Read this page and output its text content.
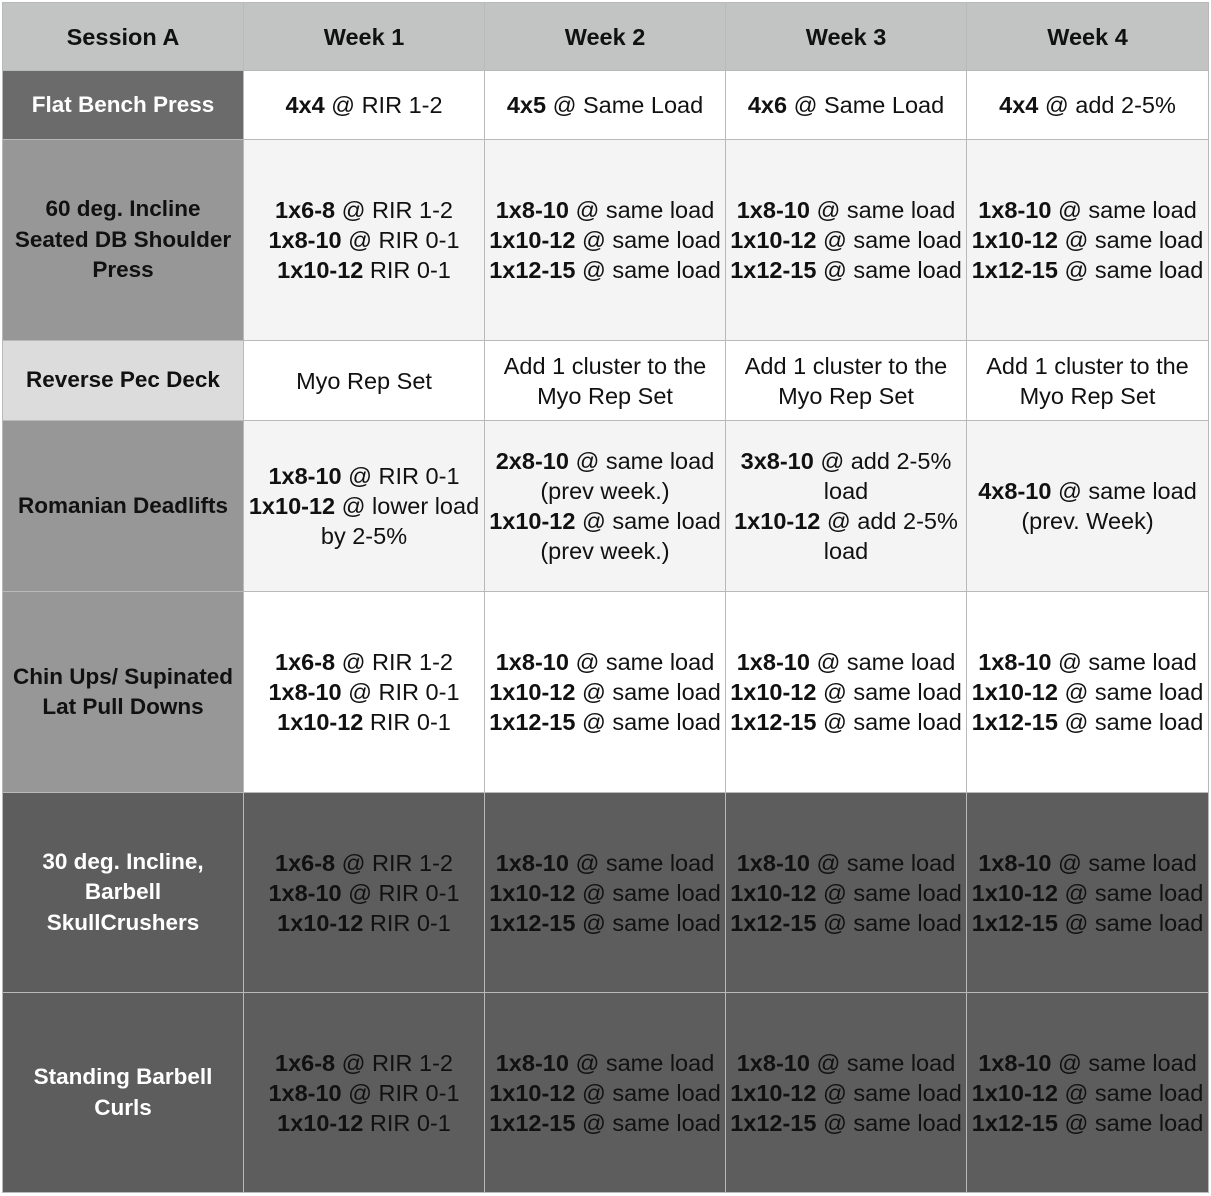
Session A	Week 1	Week 2	Week 3	Week 4
Flat Bench Press	4x4 @ RIR 1-2	4x5 @ Same Load	4x6 @ Same Load	4x4 @ add 2-5%

60 deg. Incline Seated DB Shoulder Press	1x6-8 @ RIR 1-2
1x8-10 @ RIR 0-1
1x10-12 RIR 0-1	1x8-10 @ same load
1x10-12 @ same load
1x12-15 @ same load	1x8-10 @ same load
1x10-12 @ same load
1x12-15 @ same load	1x8-10 @ same load
1x10-12 @ same load
1x12-15 @ same load

Reverse Pec Deck	Myo Rep Set	Add 1 cluster to the Myo Rep Set	Add 1 cluster to the Myo Rep Set	Add 1 cluster to the Myo Rep Set

Romanian Deadlifts	1x8-10 @ RIR 0-1
1x10-12 @ lower load by 2-5%	2x8-10 @ same load (prev week.)
1x10-12 @ same load (prev week.)	3x8-10 @ add 2-5% load
1x10-12 @ add 2-5% load	4x8-10 @ same load (prev. Week)

Chin Ups/ Supinated Lat Pull Downs	1x6-8 @ RIR 1-2
1x8-10 @ RIR 0-1
1x10-12 RIR 0-1	1x8-10 @ same load
1x10-12 @ same load
1x12-15 @ same load	1x8-10 @ same load
1x10-12 @ same load
1x12-15 @ same load	1x8-10 @ same load
1x10-12 @ same load
1x12-15 @ same load

30 deg. Incline, Barbell SkullCrushers	1x6-8 @ RIR 1-2
1x8-10 @ RIR 0-1
1x10-12 RIR 0-1	1x8-10 @ same load
1x10-12 @ same load
1x12-15 @ same load	1x8-10 @ same load
1x10-12 @ same load
1x12-15 @ same load	1x8-10 @ same load
1x10-12 @ same load
1x12-15 @ same load

Standing Barbell Curls	1x6-8 @ RIR 1-2
1x8-10 @ RIR 0-1
1x10-12 RIR 0-1	1x8-10 @ same load
1x10-12 @ same load
1x12-15 @ same load	1x8-10 @ same load
1x10-12 @ same load
1x12-15 @ same load	1x8-10 @ same load
1x10-12 @ same load
1x12-15 @ same load
